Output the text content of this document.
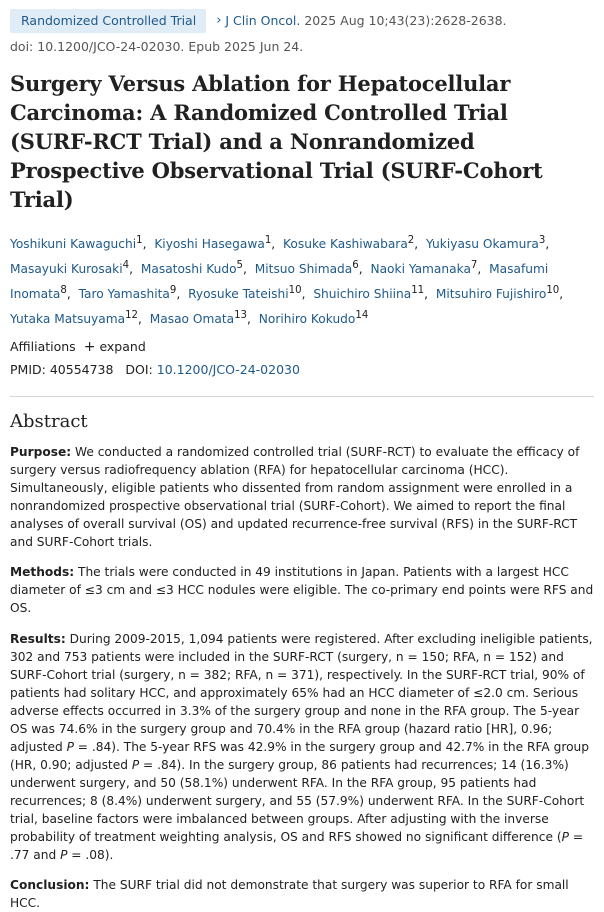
Randomized Controlled Trial	› J Clin Oncol. 2025 Aug 10;43(23):2628-2638.
doi: 10.1200/JCO-24-02030. Epub 2025 Jun 24.
Surgery Versus Ablation for Hepatocellular Carcinoma: A Randomized Controlled Trial (SURF-RCT Trial) and a Nonrandomized Prospective Observational Trial (SURF-Cohort Trial)
Yoshikuni Kawaguchi$^1$, Kiyoshi Hasegawa$^1$, Kosuke Kashiwabara$^2$, Yukiyasu Okamura$^3$, Masayuki Kurosaki$^4$, Masatoshi Kudo$^5$, Mitsuo Shimada$^6$, Naoki Yamanaka$^7$, Masafumi Inomata$^8$, Taro Yamashita$^9$, Ryosuke Tateishi$^{10}$, Shuichiro Shiina$^{11}$, Mitsuhiro Fujishiro$^{10}$, Yutaka Matsuyama$^{12}$, Masao Omata$^{13}$, Norihiro Kokudo$^{14}$
Affiliations + expand
PMID: 40554738 DOI: 10.1200/JCO-24-02030
Abstract

Purpose: We conducted a randomized controlled trial (SURF-RCT) to evaluate the efficacy of surgery versus radiofrequency ablation (RFA) for hepatocellular carcinoma (HCC). Simultaneously, eligible patients who dissented from random assignment were enrolled in a nonrandomized prospective observational trial (SURF-Cohort). We aimed to report the final analyses of overall survival (OS) and updated recurrence-free survival (RFS) in the SURF-RCT and SURF-Cohort trials.

Methods: The trials were conducted in 49 institutions in Japan. Patients with a largest HCC diameter of ≤3 cm and ≤3 HCC nodules were eligible. The co-primary end points were RFS and OS.

Results: During 2009-2015, 1,094 patients were registered. After excluding ineligible patients, 302 and 753 patients were included in the SURF-RCT (surgery, n = 150; RFA, n = 152) and SURF-Cohort trial (surgery, n = 382; RFA, n = 371), respectively. In the SURF-RCT trial, 90% of patients had solitary HCC, and approximately 65% had an HCC diameter of ≤2.0 cm. Serious adverse effects occurred in 3.3% of the surgery group and none in the RFA group. The 5-year OS was 74.6% in the surgery group and 70.4% in the RFA group (hazard ratio [HR], 0.96; adjusted P = .84). The 5-year RFS was 42.9% in the surgery group and 42.7% in the RFA group (HR, 0.90; adjusted P = .84). In the surgery group, 86 patients had recurrences; 14 (16.3%) underwent surgery, and 50 (58.1%) underwent RFA. In the RFA group, 95 patients had recurrences; 8 (8.4%) underwent surgery, and 55 (57.9%) underwent RFA. In the SURF-Cohort trial, baseline factors were imbalanced between groups. After adjusting with the inverse probability of treatment weighting analysis, OS and RFS showed no significant difference (P = .77 and P = .08).

Conclusion: The SURF trial did not demonstrate that surgery was superior to RFA for small HCC.
